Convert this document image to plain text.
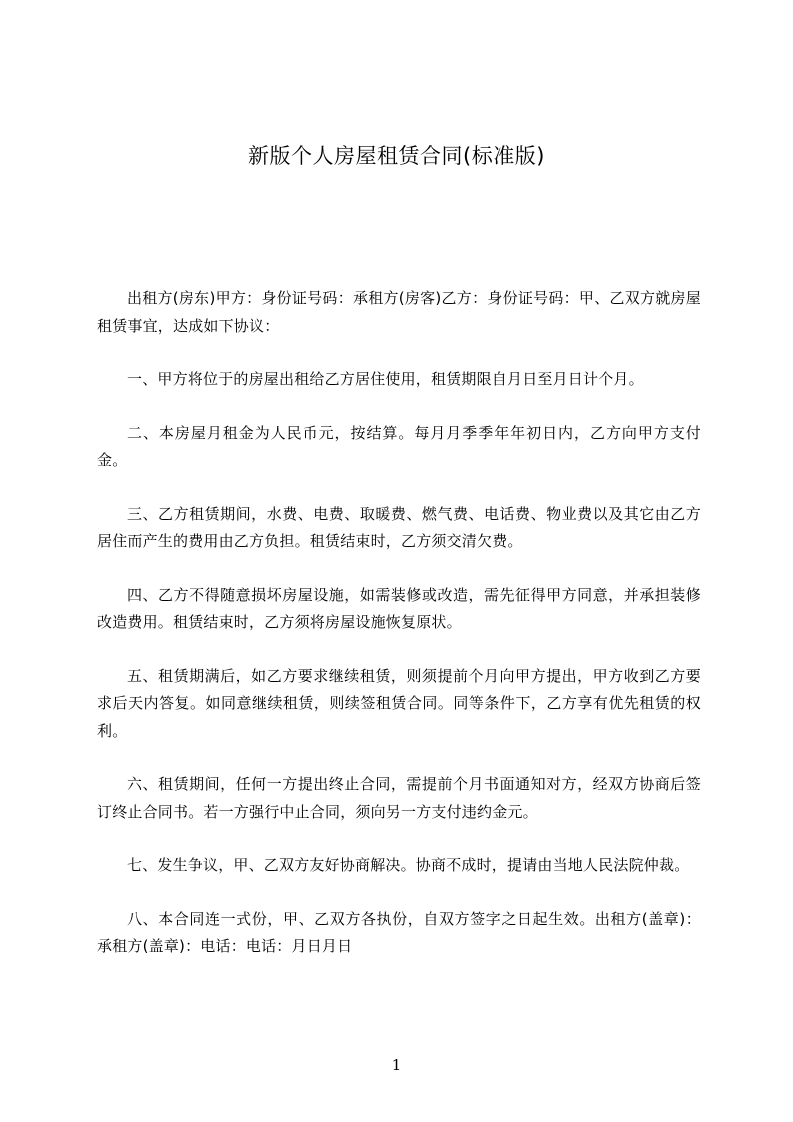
新版个人房屋租赁合同(标准版)

出租方(房东)甲方：身份证号码：承租方(房客)乙方：身份证号码：甲、乙双方就房屋租赁事宜，达成如下协议：

一、甲方将位于的房屋出租给乙方居住使用，租赁期限自月日至月日计个月。

二、本房屋月租金为人民币元，按结算。每月月季季年年初日内，乙方向甲方支付金。

三、乙方租赁期间，水费、电费、取暖费、燃气费、电话费、物业费以及其它由乙方居住而产生的费用由乙方负担。租赁结束时，乙方须交清欠费。

四、乙方不得随意损坏房屋设施，如需装修或改造，需先征得甲方同意，并承担装修改造费用。租赁结束时，乙方须将房屋设施恢复原状。

五、租赁期满后，如乙方要求继续租赁，则须提前个月向甲方提出，甲方收到乙方要求后天内答复。如同意继续租赁，则续签租赁合同。同等条件下，乙方享有优先租赁的权利。

六、租赁期间，任何一方提出终止合同，需提前个月书面通知对方，经双方协商后签订终止合同书。若一方强行中止合同，须向另一方支付违约金元。

七、发生争议，甲、乙双方友好协商解决。协商不成时，提请由当地人民法院仲裁。

八、本合同连一式份，甲、乙双方各执份，自双方签字之日起生效。出租方(盖章)：承租方(盖章)：电话：电话：月日月日

1
